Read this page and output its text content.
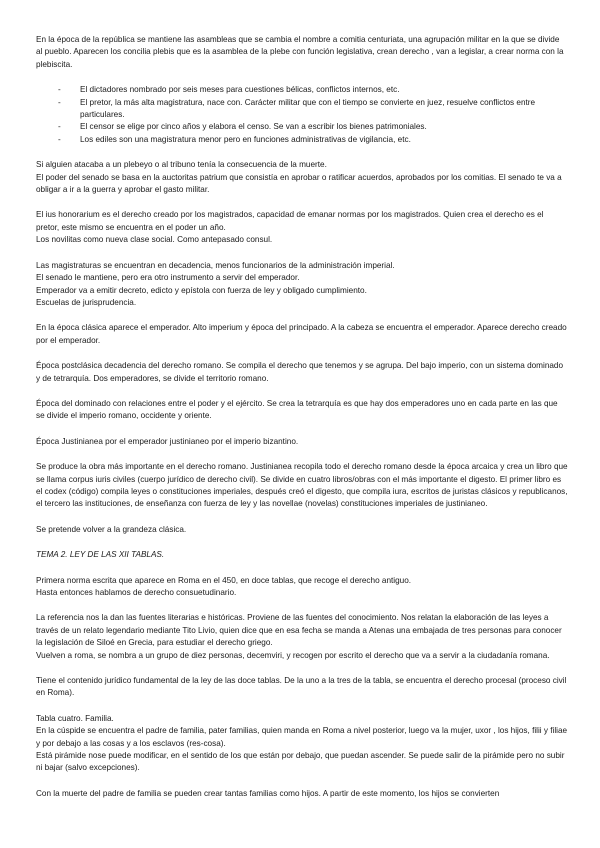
En la época de la república se mantiene las asambleas que se cambia el nombre a comitia centuriata, una agrupación militar en la que se divide al pueblo. Aparecen los concilia plebis que es la asamblea de la plebe con función legislativa, crean derecho , van a legislar, a crear norma con la plebiscita.

- El dictadores nombrado por seis meses para cuestiones bélicas, conflictos internos, etc.
- El pretor, la más alta magistratura, nace con. Carácter militar que con el tiempo se convierte en juez, resuelve conflictos entre particulares.
- El censor se elige por cinco años y elabora el censo. Se van a escribir los bienes patrimoniales.
- Los ediles son una magistratura menor pero en funciones administrativas de vigilancia, etc.

Si alguien atacaba a un plebeyo o al tribuno tenía la consecuencia de la muerte.

El poder del senado se basa en la auctoritas patrium que consistía en aprobar o ratificar acuerdos, aprobados por los comitias. El senado te va a obligar a ir a la guerra y aprobar el gasto militar.

El ius honorarium es el derecho creado por los magistrados, capacidad de emanar normas por los magistrados. Quien crea el derecho es el pretor, este mismo se encuentra en el poder un año.
Los novilitas como nueva clase social. Como antepasado consul.

Las magistraturas se encuentran en decadencia, menos funcionarios de la administración imperial.
El senado le mantiene, pero era otro instrumento a servir del emperador.
Emperador va a emitir decreto, edicto y epístola con fuerza de ley y obligado cumplimiento.
Escuelas de jurisprudencia.

En la época clásica aparece el emperador. Alto imperium y época del principado. A la cabeza se encuentra el emperador. Aparece derecho creado por el emperador.

Época postclásica decadencia del derecho romano. Se compila el derecho que tenemos y se agrupa. Del bajo imperio, con un sistema dominado y de tetrarquía. Dos emperadores, se divide el territorio romano.

Época del dominado con relaciones entre el poder y el ejército. Se crea la tetrarquía es que hay dos emperadores uno en cada parte en las que se divide el imperio romano, occidente y oriente.

Época Justinianea por el emperador justinianeo por el imperio bizantino.

Se produce la obra más importante en el derecho romano. Justinianea recopila todo el derecho romano desde la época arcaica y crea un libro que se llama corpus iuris civiles (cuerpo jurídico de derecho civil). Se divide en cuatro libros/obras con el más importante el digesto. El primer libro es el codex (código) compila leyes o constituciones imperiales, después creó el digesto, que compila iura, escritos de juristas clásicos y republicanos, el tercero las instituciones, de enseñanza con fuerza de ley y las novellae (novelas) constituciones imperiales de justinianeo.

Se pretende volver a la grandeza clásica.

TEMA 2. LEY DE LAS XII TABLAS.

Primera norma escrita que aparece en Roma en el 450, en doce tablas, que recoge el derecho antiguo.
Hasta entonces hablamos de derecho consuetudinario.

La referencia nos la dan las fuentes literarias e históricas. Proviene de las fuentes del conocimiento. Nos relatan la elaboración de las leyes a través de un relato legendario mediante Tito Livio, quien dice que en esa fecha se manda a Atenas una embajada de tres personas para conocer la legislación de Siloé en Grecia, para estudiar el derecho griego.
Vuelven a roma, se nombra a un grupo de diez personas, decemviri, y recogen por escrito el derecho que va a servir a la ciudadanía romana.

Tiene el contenido jurídico fundamental de la ley de las doce tablas. De la uno a la tres de la tabla, se encuentra el derecho procesal (proceso civil en Roma).

Tabla cuatro. Familia.
En la cúspide se encuentra el padre de familia, pater familias, quien manda en Roma a nivel posterior, luego va la mujer, uxor , los hijos, filii y filiae y por debajo a las cosas y a los esclavos (res-cosa).
Está pirámide nose puede modificar, en el sentido de los que están por debajo, que puedan ascender. Se puede salir de la pirámide pero no subir ni bajar (salvo excepciones).

Con la muerte del padre de familia se pueden crear tantas familias como hijos. A partir de este momento, los hijos se convierten
